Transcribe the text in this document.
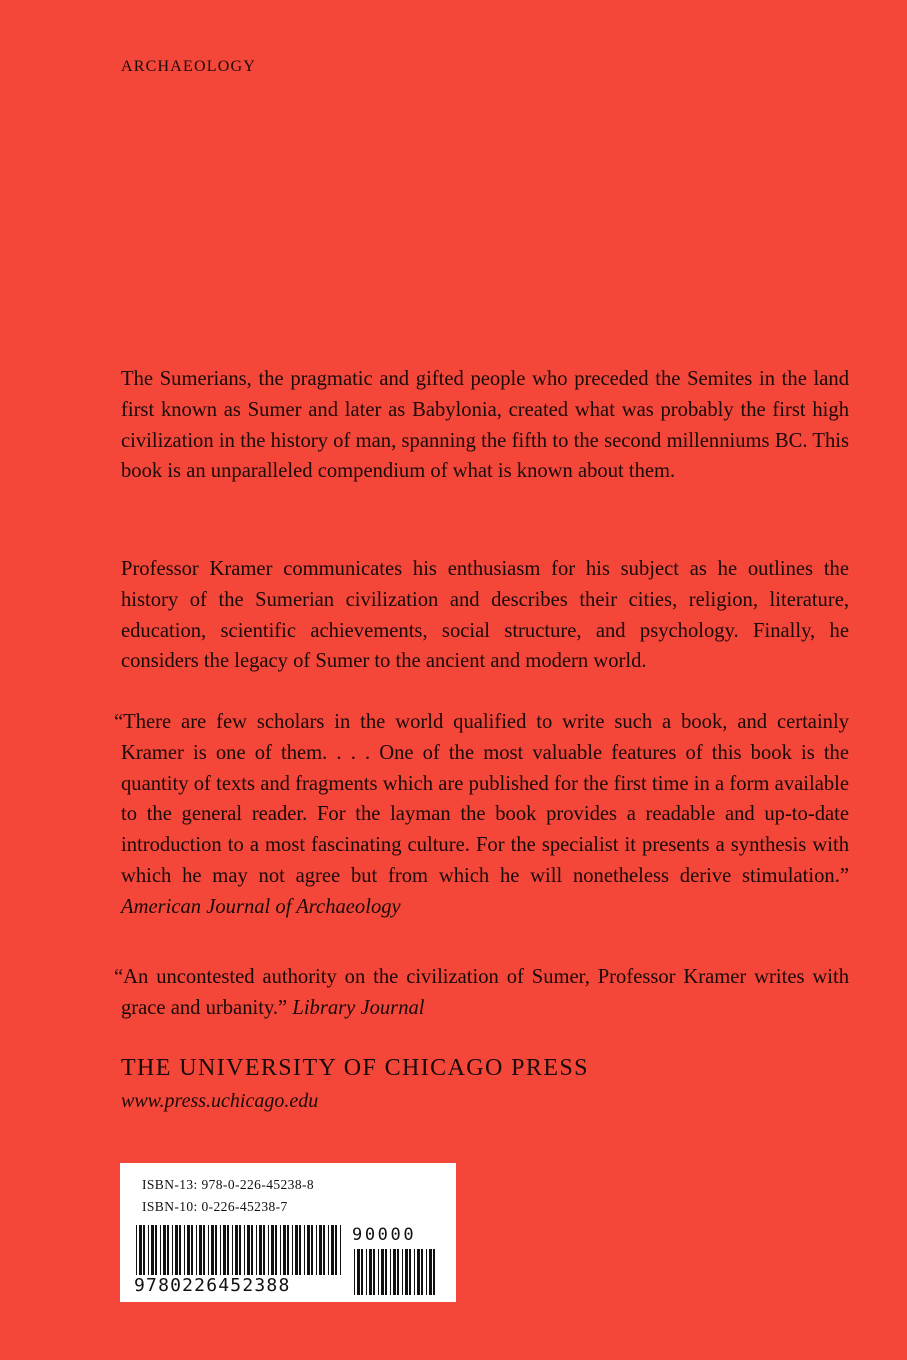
ARCHAEOLOGY

The Sumerians, the pragmatic and gifted people who preceded the Semites in the land first known as Sumer and later as Babylonia, created what was probably the first high civilization in the history of man, spanning the fifth to the second millenniums BC. This book is an unparalleled compendium of what is known about them.

Professor Kramer communicates his enthusiasm for his subject as he outlines the history of the Sumerian civilization and describes their cities, religion, literature, education, scientific achievements, social structure, and psychology. Finally, he considers the legacy of Sumer to the ancient and modern world.

“There are few scholars in the world qualified to write such a book, and certainly Kramer is one of them. . . . One of the most valuable features of this book is the quantity of texts and fragments which are published for the first time in a form available to the general reader. For the layman the book provides a readable and up-to-date introduction to a most fascinating culture. For the specialist it presents a synthesis with which he may not agree but from which he will nonetheless derive stimulation.” American Journal of Archaeology

“An uncontested authority on the civilization of Sumer, Professor Kramer writes with grace and urbanity.” Library Journal

THE UNIVERSITY OF CHICAGO PRESS
www.press.uchicago.edu
ISBN-13: 978-0-226-45238-8
ISBN-10: 0-226-45238-7
9780226452388
90000
